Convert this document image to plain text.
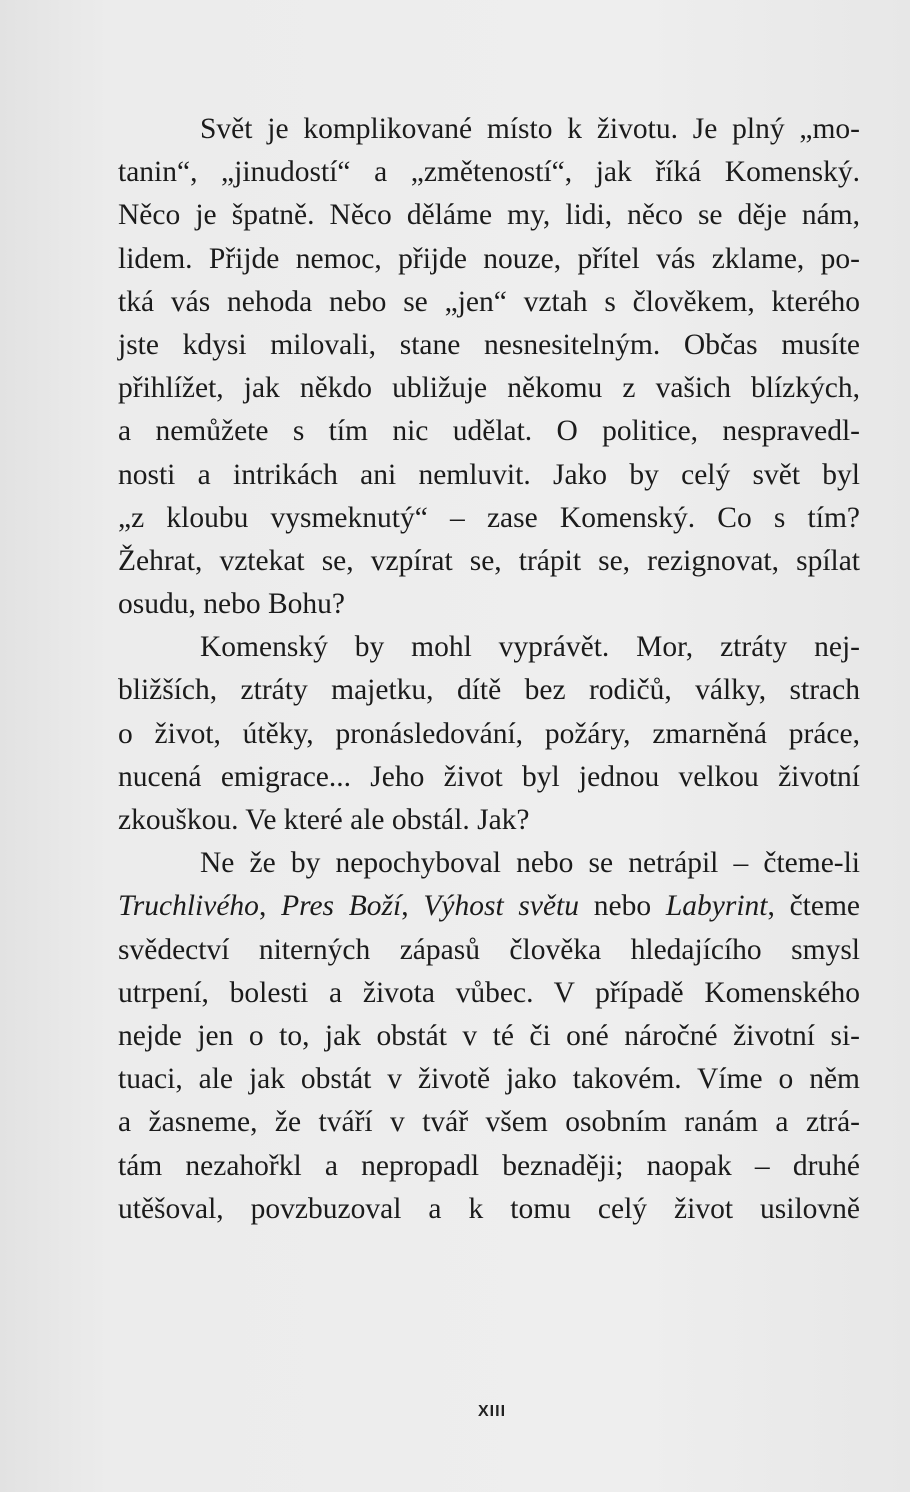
Svět je komplikované místo k životu. Je plný „mo-
tanin“, „jinudostí“ a „změteností“, jak říká Komenský.
Něco je špatně. Něco děláme my, lidi, něco se děje nám,
lidem. Přijde nemoc, přijde nouze, přítel vás zklame, po-
tká vás nehoda nebo se „jen“ vztah s člověkem, kterého
jste kdysi milovali, stane nesnesitelným. Občas musíte
přihlížet, jak někdo ubližuje někomu z vašich blízkých,
a nemůžete s tím nic udělat. O politice, nespravedl-
nosti a intrikách ani nemluvit. Jako by celý svět byl
„z kloubu vysmeknutý“ – zase Komenský. Co s tím?
Žehrat, vztekat se, vzpírat se, trápit se, rezignovat, spílat
osudu, nebo Bohu?
Komenský by mohl vyprávět. Mor, ztráty nej-
bližších, ztráty majetku, dítě bez rodičů, války, strach
o život, útěky, pronásledování, požáry, zmarněná práce,
nucená emigrace... Jeho život byl jednou velkou životní
zkouškou. Ve které ale obstál. Jak?
Ne že by nepochyboval nebo se netrápil – čteme-li
Truchlivého, Pres Boží, Výhost světu nebo Labyrint, čteme
svědectví niterných zápasů člověka hledajícího smysl
utrpení, bolesti a života vůbec. V případě Komenského
nejde jen o to, jak obstát v té či oné náročné životní si-
tuaci, ale jak obstát v životě jako takovém. Víme o něm
a žasneme, že tváří v tvář všem osobním ranám a ztrá-
tám nezahořkl a nepropadl beznaději; naopak – druhé
utěšoval, povzbuzoval a k tomu celý život usilovně
XIII
